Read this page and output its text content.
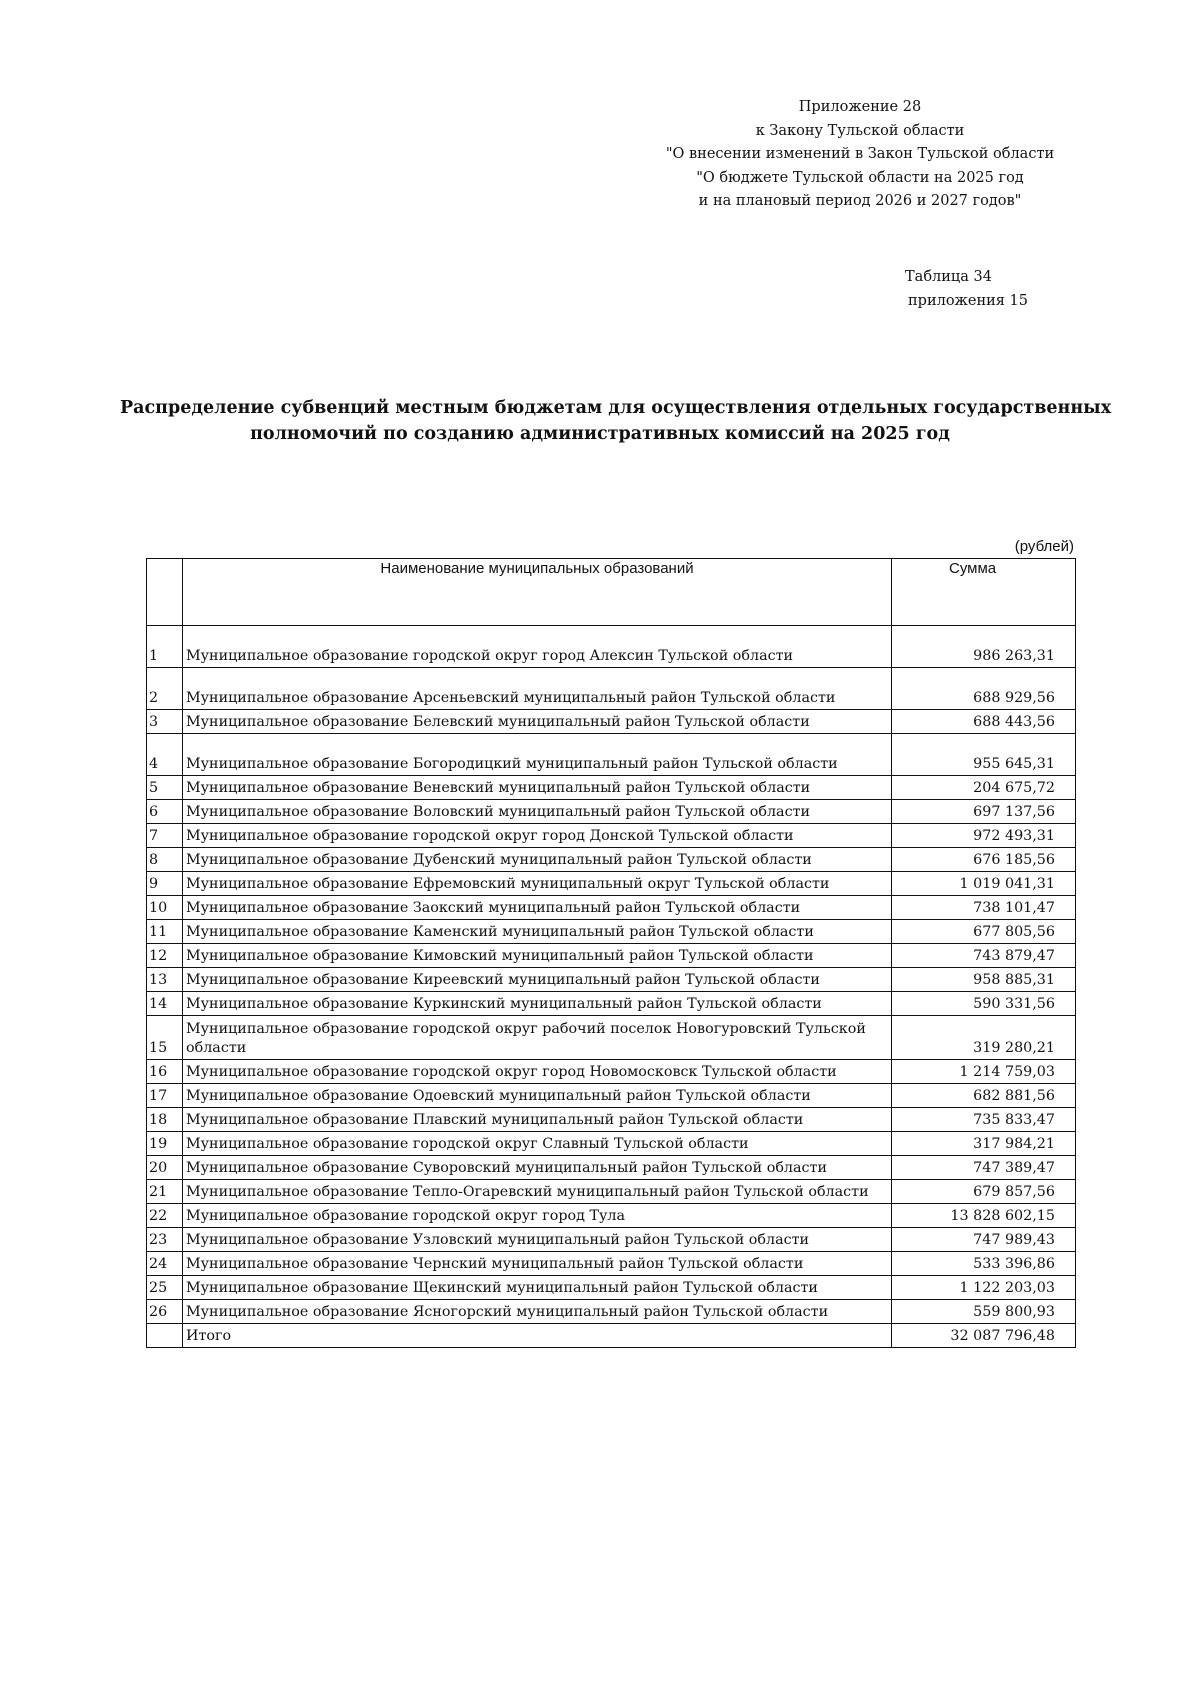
Приложение 28
к Закону Тульской области
"О внесении изменений в Закон Тульской области
"О бюджете Тульской области на 2025 год
и на плановый период 2026 и 2027 годов"
Таблица 34
приложения 15
Распределение субвенций местным бюджетам для осуществления отдельных государственных
полномочий по созданию административных комиссий на 2025 год
(рублей)
	Наименование муниципальных образований	Сумма
1	Муниципальное образование городской округ город Алексин Тульской области	986 263,31
2	Муниципальное образование Арсеньевский муниципальный район Тульской области	688 929,56
3	Муниципальное образование Белевский муниципальный район Тульской области	688 443,56
4	Муниципальное образование Богородицкий муниципальный район Тульской области	955 645,31
5	Муниципальное образование Веневский муниципальный район Тульской области	204 675,72
6	Муниципальное образование Воловский муниципальный район Тульской области	697 137,56
7	Муниципальное образование городской округ город Донской Тульской области	972 493,31
8	Муниципальное образование Дубенский муниципальный район Тульской области	676 185,56
9	Муниципальное образование Ефремовский муниципальный округ Тульской области	1 019 041,31
10	Муниципальное образование Заокский муниципальный район Тульской области	738 101,47
11	Муниципальное образование Каменский муниципальный район Тульской области	677 805,56
12	Муниципальное образование Кимовский муниципальный район Тульской области	743 879,47
13	Муниципальное образование Киреевский муниципальный район Тульской области	958 885,31
14	Муниципальное образование Куркинский муниципальный район Тульской области	590 331,56
15	Муниципальное образование городской округ рабочий поселок Новогуровский Тульской области	319 280,21
16	Муниципальное образование городской округ город Новомосковск Тульской области	1 214 759,03
17	Муниципальное образование Одоевский муниципальный район Тульской области	682 881,56
18	Муниципальное образование Плавский муниципальный район Тульской области	735 833,47
19	Муниципальное образование городской округ Славный Тульской области	317 984,21
20	Муниципальное образование Суворовский муниципальный район Тульской области	747 389,47
21	Муниципальное образование Тепло-Огаревский муниципальный район Тульской области	679 857,56
22	Муниципальное образование городской округ город Тула	13 828 602,15
23	Муниципальное образование Узловский муниципальный район Тульской области	747 989,43
24	Муниципальное образование Чернский муниципальный район Тульской области	533 396,86
25	Муниципальное образование Щекинский муниципальный район Тульской области	1 122 203,03
26	Муниципальное образование Ясногорский муниципальный район Тульской области	559 800,93
	Итого	32 087 796,48
